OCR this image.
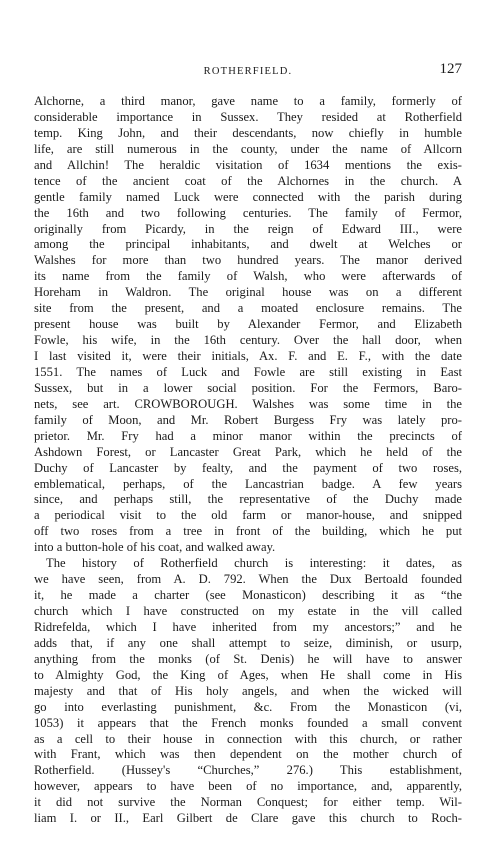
ROTHERFIELD.	127
Alchorne, a third manor, gave name to a family, formerly of
considerable importance in Sussex. They resided at Rotherfield
temp. King John, and their descendants, now chiefly in humble
life, are still numerous in the county, under the name of Allcorn
and Allchin! The heraldic visitation of 1634 mentions the exis-
tence of the ancient coat of the Alchornes in the church. A
gentle family named Luck were connected with the parish during
the 16th and two following centuries. The family of Fermor,
originally from Picardy, in the reign of Edward III., were
among the principal inhabitants, and dwelt at Welches or
Walshes for more than two hundred years. The manor derived
its name from the family of Walsh, who were afterwards of
Horeham in Waldron. The original house was on a different
site from the present, and a moated enclosure remains. The
present house was built by Alexander Fermor, and Elizabeth
Fowle, his wife, in the 16th century. Over the hall door, when
I last visited it, were their initials, Ax. F. and E. F., with the date
1551. The names of Luck and Fowle are still existing in East
Sussex, but in a lower social position. For the Fermors, Baro-
nets, see art. CROWBOROUGH. Walshes was some time in the
family of Moon, and Mr. Robert Burgess Fry was lately pro-
prietor. Mr. Fry had a minor manor within the precincts of
Ashdown Forest, or Lancaster Great Park, which he held of the
Duchy of Lancaster by fealty, and the payment of two roses,
emblematical, perhaps, of the Lancastrian badge. A few years
since, and perhaps still, the representative of the Duchy made
a periodical visit to the old farm or manor-house, and snipped
off two roses from a tree in front of the building, which he put
into a button-hole of his coat, and walked away.
The history of Rotherfield church is interesting: it dates, as
we have seen, from A. D. 792. When the Dux Bertoald founded
it, he made a charter (see Monasticon) describing it as “the
church which I have constructed on my estate in the vill called
Ridrefelda, which I have inherited from my ancestors;” and he
adds that, if any one shall attempt to seize, diminish, or usurp,
anything from the monks (of St. Denis) he will have to answer
to Almighty God, the King of Ages, when He shall come in His
majesty and that of His holy angels, and when the wicked will
go into everlasting punishment, &c. From the Monasticon (vi,
1053) it appears that the French monks founded a small convent
as a cell to their house in connection with this church, or rather
with Frant, which was then dependent on the mother church of
Rotherfield. (Hussey's “Churches,” 276.) This establishment,
however, appears to have been of no importance, and, apparently,
it did not survive the Norman Conquest; for either temp. Wil-
liam I. or II., Earl Gilbert de Clare gave this church to Roch-
